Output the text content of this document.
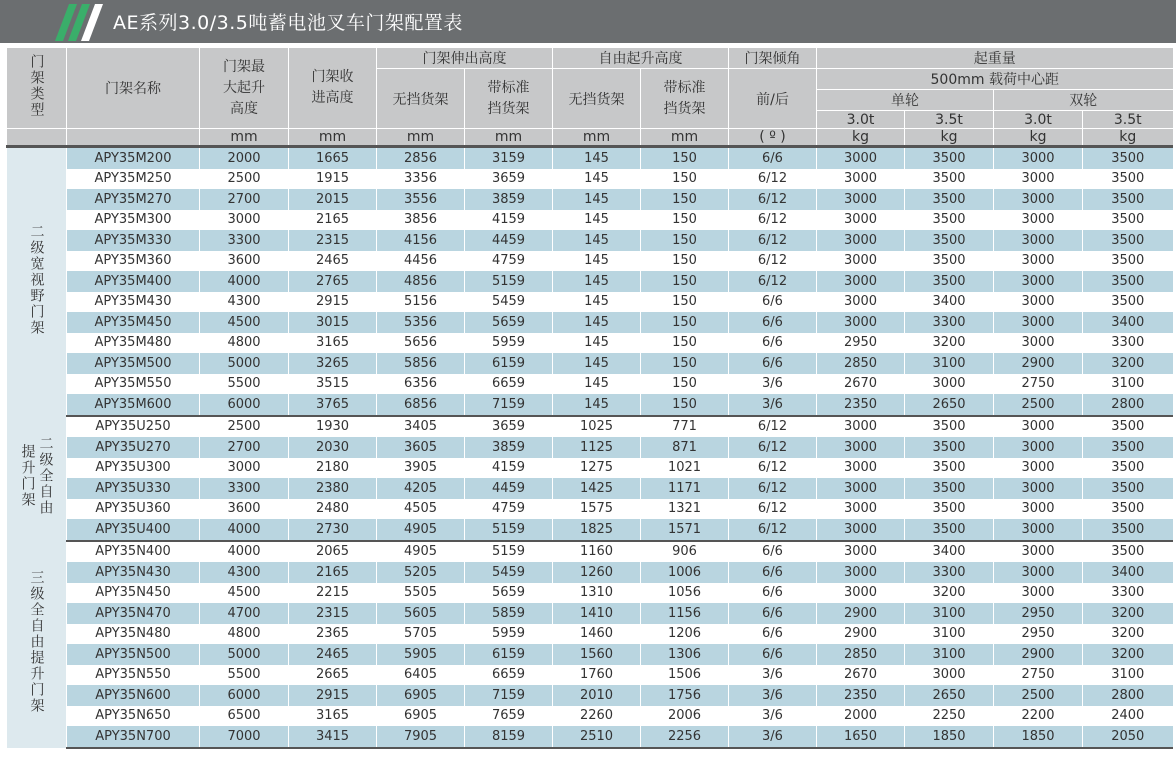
AE系列3.0/3.5吨蓄电池叉车门架配置表
门架类型	门架名称	门架最大起升高度	门架收进高度	门架伸出高度		自由起升高度		门架倾角	起重量			
				无挡货架	带标准挡货架	无挡货架	带标准挡货架	前/后	500mm 载荷中心距			
									单轮		双轮	
									3.0t	3.5t	3.0t	3.5t
		mm	mm	mm	mm	mm	mm	( º )	kg	kg	kg	kg
二级宽视野门架	APY35M200	2000	1665	2856	3159	145	150	6/6	3000	3500	3000	3500
	APY35M250	2500	1915	3356	3659	145	150	6/12	3000	3500	3000	3500
	APY35M270	2700	2015	3556	3859	145	150	6/12	3000	3500	3000	3500
	APY35M300	3000	2165	3856	4159	145	150	6/12	3000	3500	3000	3500
	APY35M330	3300	2315	4156	4459	145	150	6/12	3000	3500	3000	3500
	APY35M360	3600	2465	4456	4759	145	150	6/12	3000	3500	3000	3500
	APY35M400	4000	2765	4856	5159	145	150	6/12	3000	3500	3000	3500
	APY35M430	4300	2915	5156	5459	145	150	6/6	3000	3400	3000	3500
	APY35M450	4500	3015	5356	5659	145	150	6/6	3000	3300	3000	3400
	APY35M480	4800	3165	5656	5959	145	150	6/6	2950	3200	3000	3300
	APY35M500	5000	3265	5856	6159	145	150	6/6	2850	3100	2900	3200
	APY35M550	5500	3515	6356	6659	145	150	3/6	2670	3000	2750	3100
	APY35M600	6000	3765	6856	7159	145	150	3/6	2350	2650	2500	2800

二级全自由
提升门架	APY35U250	2500	1930	3405	3659	1025	771	6/12	3000	3500	3000	3500
	APY35U270	2700	2030	3605	3859	1125	871	6/12	3000	3500	3000	3500
	APY35U300	3000	2180	3905	4159	1275	1021	6/12	3000	3500	3000	3500
	APY35U330	3300	2380	4205	4459	1425	1171	6/12	3000	3500	3000	3500
	APY35U360	3600	2480	4505	4759	1575	1321	6/12	3000	3500	3000	3500
	APY35U400	4000	2730	4905	5159	1825	1571	6/12	3000	3500	3000	3500
三级全自由提升门架	APY35N400	4000	2065	4905	5159	1160	906	6/6	3000	3400	3000	3500
	APY35N430	4300	2165	5205	5459	1260	1006	6/6	3000	3300	3000	3400
	APY35N450	4500	2215	5505	5659	1310	1056	6/6	3000	3200	3000	3300
	APY35N470	4700	2315	5605	5859	1410	1156	6/6	2900	3100	2950	3200
	APY35N480	4800	2365	5705	5959	1460	1206	6/6	2900	3100	2950	3200
	APY35N500	5000	2465	5905	6159	1560	1306	6/6	2850	3100	2900	3200
	APY35N550	5500	2665	6405	6659	1760	1506	3/6	2670	3000	2750	3100
	APY35N600	6000	2915	6905	7159	2010	1756	3/6	2350	2650	2500	2800
	APY35N650	6500	3165	6905	7659	2260	2006	3/6	2000	2250	2200	2400
	APY35N700	7000	3415	7905	8159	2510	2256	3/6	1650	1850	1850	2050
